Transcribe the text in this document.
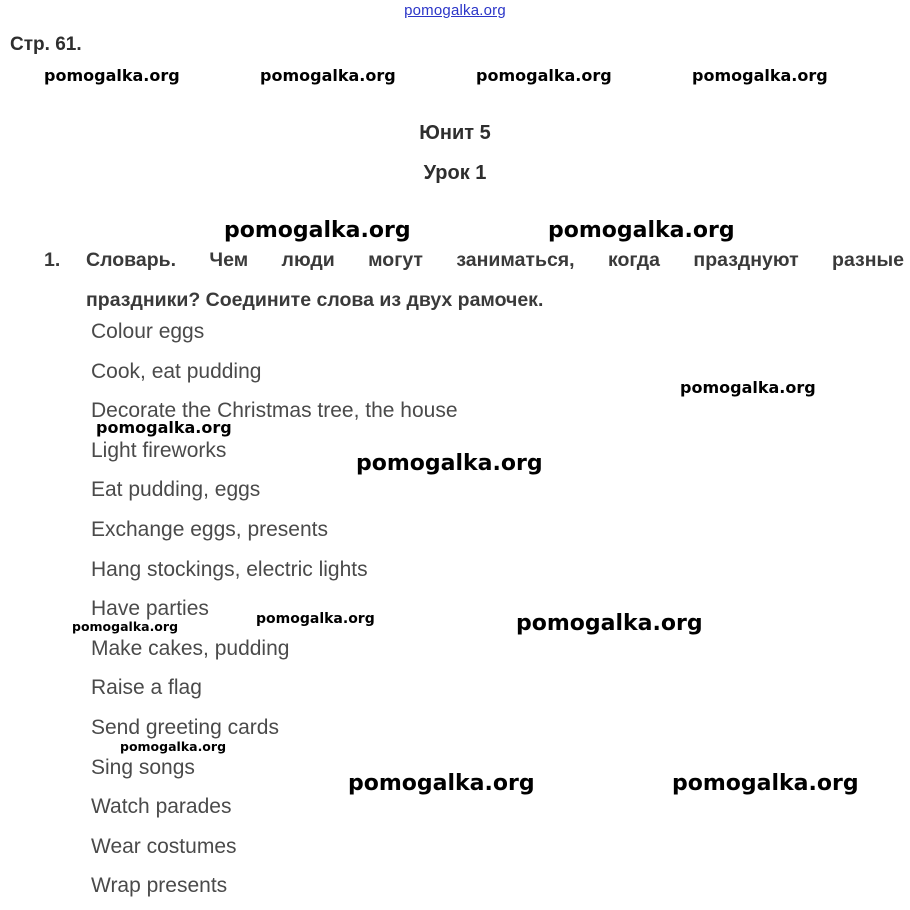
pomogalka.org
Стр. 61.
pomogalka.org	pomogalka.org	pomogalka.org	pomogalka.org
Юнит 5
Урок 1
1. Словарь. Чем люди могут заниматься, когда празднуют разные
праздники? Соедините слова из двух рамочек.
Colour eggs
Cook, eat pudding
Decorate the Christmas tree, the house
Light fireworks
Eat pudding, eggs
Exchange eggs, presents
Hang stockings, electric lights
Have parties
Make cakes, pudding
Raise a flag
Send greeting cards
Sing songs
Watch parades
Wear costumes
Wrap presents
pomogalka.org	pomogalka.org
pomogalka.org
pomogalka.org
pomogalka.org
pomogalka.org
pomogalka.org	pomogalka.org
pomogalka.org
pomogalka.org	pomogalka.org
